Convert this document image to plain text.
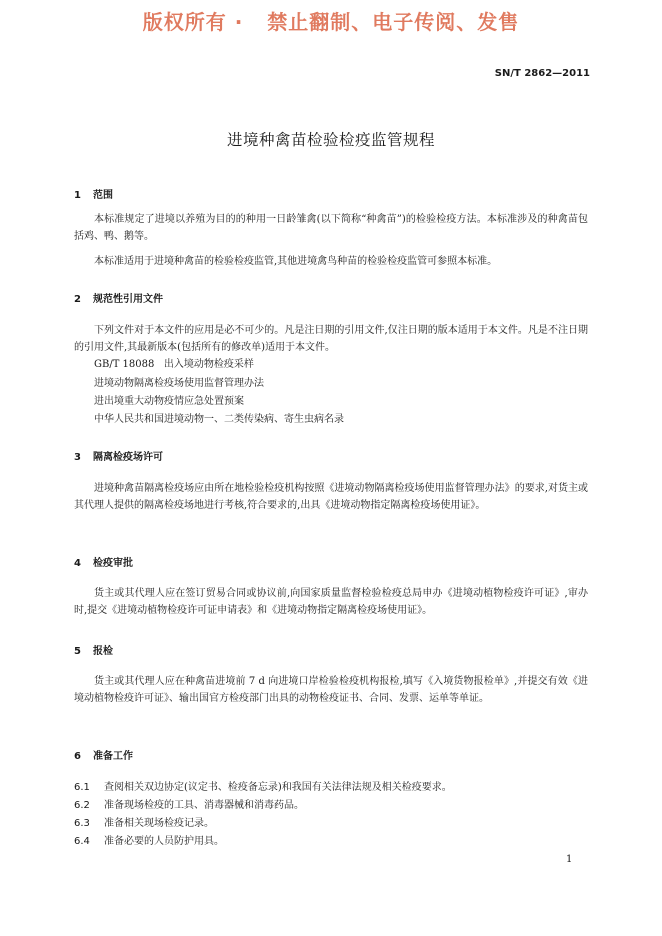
版权所有 ·   禁止翻制、电子传阅、发售
SN/T 2862—2011
进境种禽苗检验检疫监管规程
1 范围
本标准规定了进境以养殖为目的的种用一日龄雏禽(以下简称“种禽苗”)的检验检疫方法。本标准涉及的种禽苗包括鸡、鸭、鹅等。
本标准适用于进境种禽苗的检验检疫监管,其他进境禽鸟种苗的检验检疫监管可参照本标准。
2 规范性引用文件
下列文件对于本文件的应用是必不可少的。凡是注日期的引用文件,仅注日期的版本适用于本文件。凡是不注日期的引用文件,其最新版本(包括所有的修改单)适用于本文件。
GB/T 18088   出入境动物检疫采样
进境动物隔离检疫场使用监督管理办法
进出境重大动物疫情应急处置预案
中华人民共和国进境动物一、二类传染病、寄生虫病名录
3 隔离检疫场许可
进境种禽苗隔离检疫场应由所在地检验检疫机构按照《进境动物隔离检疫场使用监督管理办法》的要求,对货主或其代理人提供的隔离检疫场地进行考核,符合要求的,出具《进境动物指定隔离检疫场使用证》。
4 检疫审批
货主或其代理人应在签订贸易合同或协议前,向国家质量监督检验检疫总局申办《进境动植物检疫许可证》,审办时,提交《进境动植物检疫许可证申请表》和《进境动物指定隔离检疫场使用证》。
5 报检
货主或其代理人应在种禽苗进境前 7 d 向进境口岸检验检疫机构报检,填写《入境货物报检单》,并提交有效《进境动植物检疫许可证》、输出国官方检疫部门出具的动物检疫证书、合同、发票、运单等单证。
6 准备工作
6.1 查阅相关双边协定(议定书、检疫备忘录)和我国有关法律法规及相关检疫要求。
6.2 准备现场检疫的工具、消毒器械和消毒药品。
6.3 准备相关现场检疫记录。
6.4 准备必要的人员防护用具。
1
